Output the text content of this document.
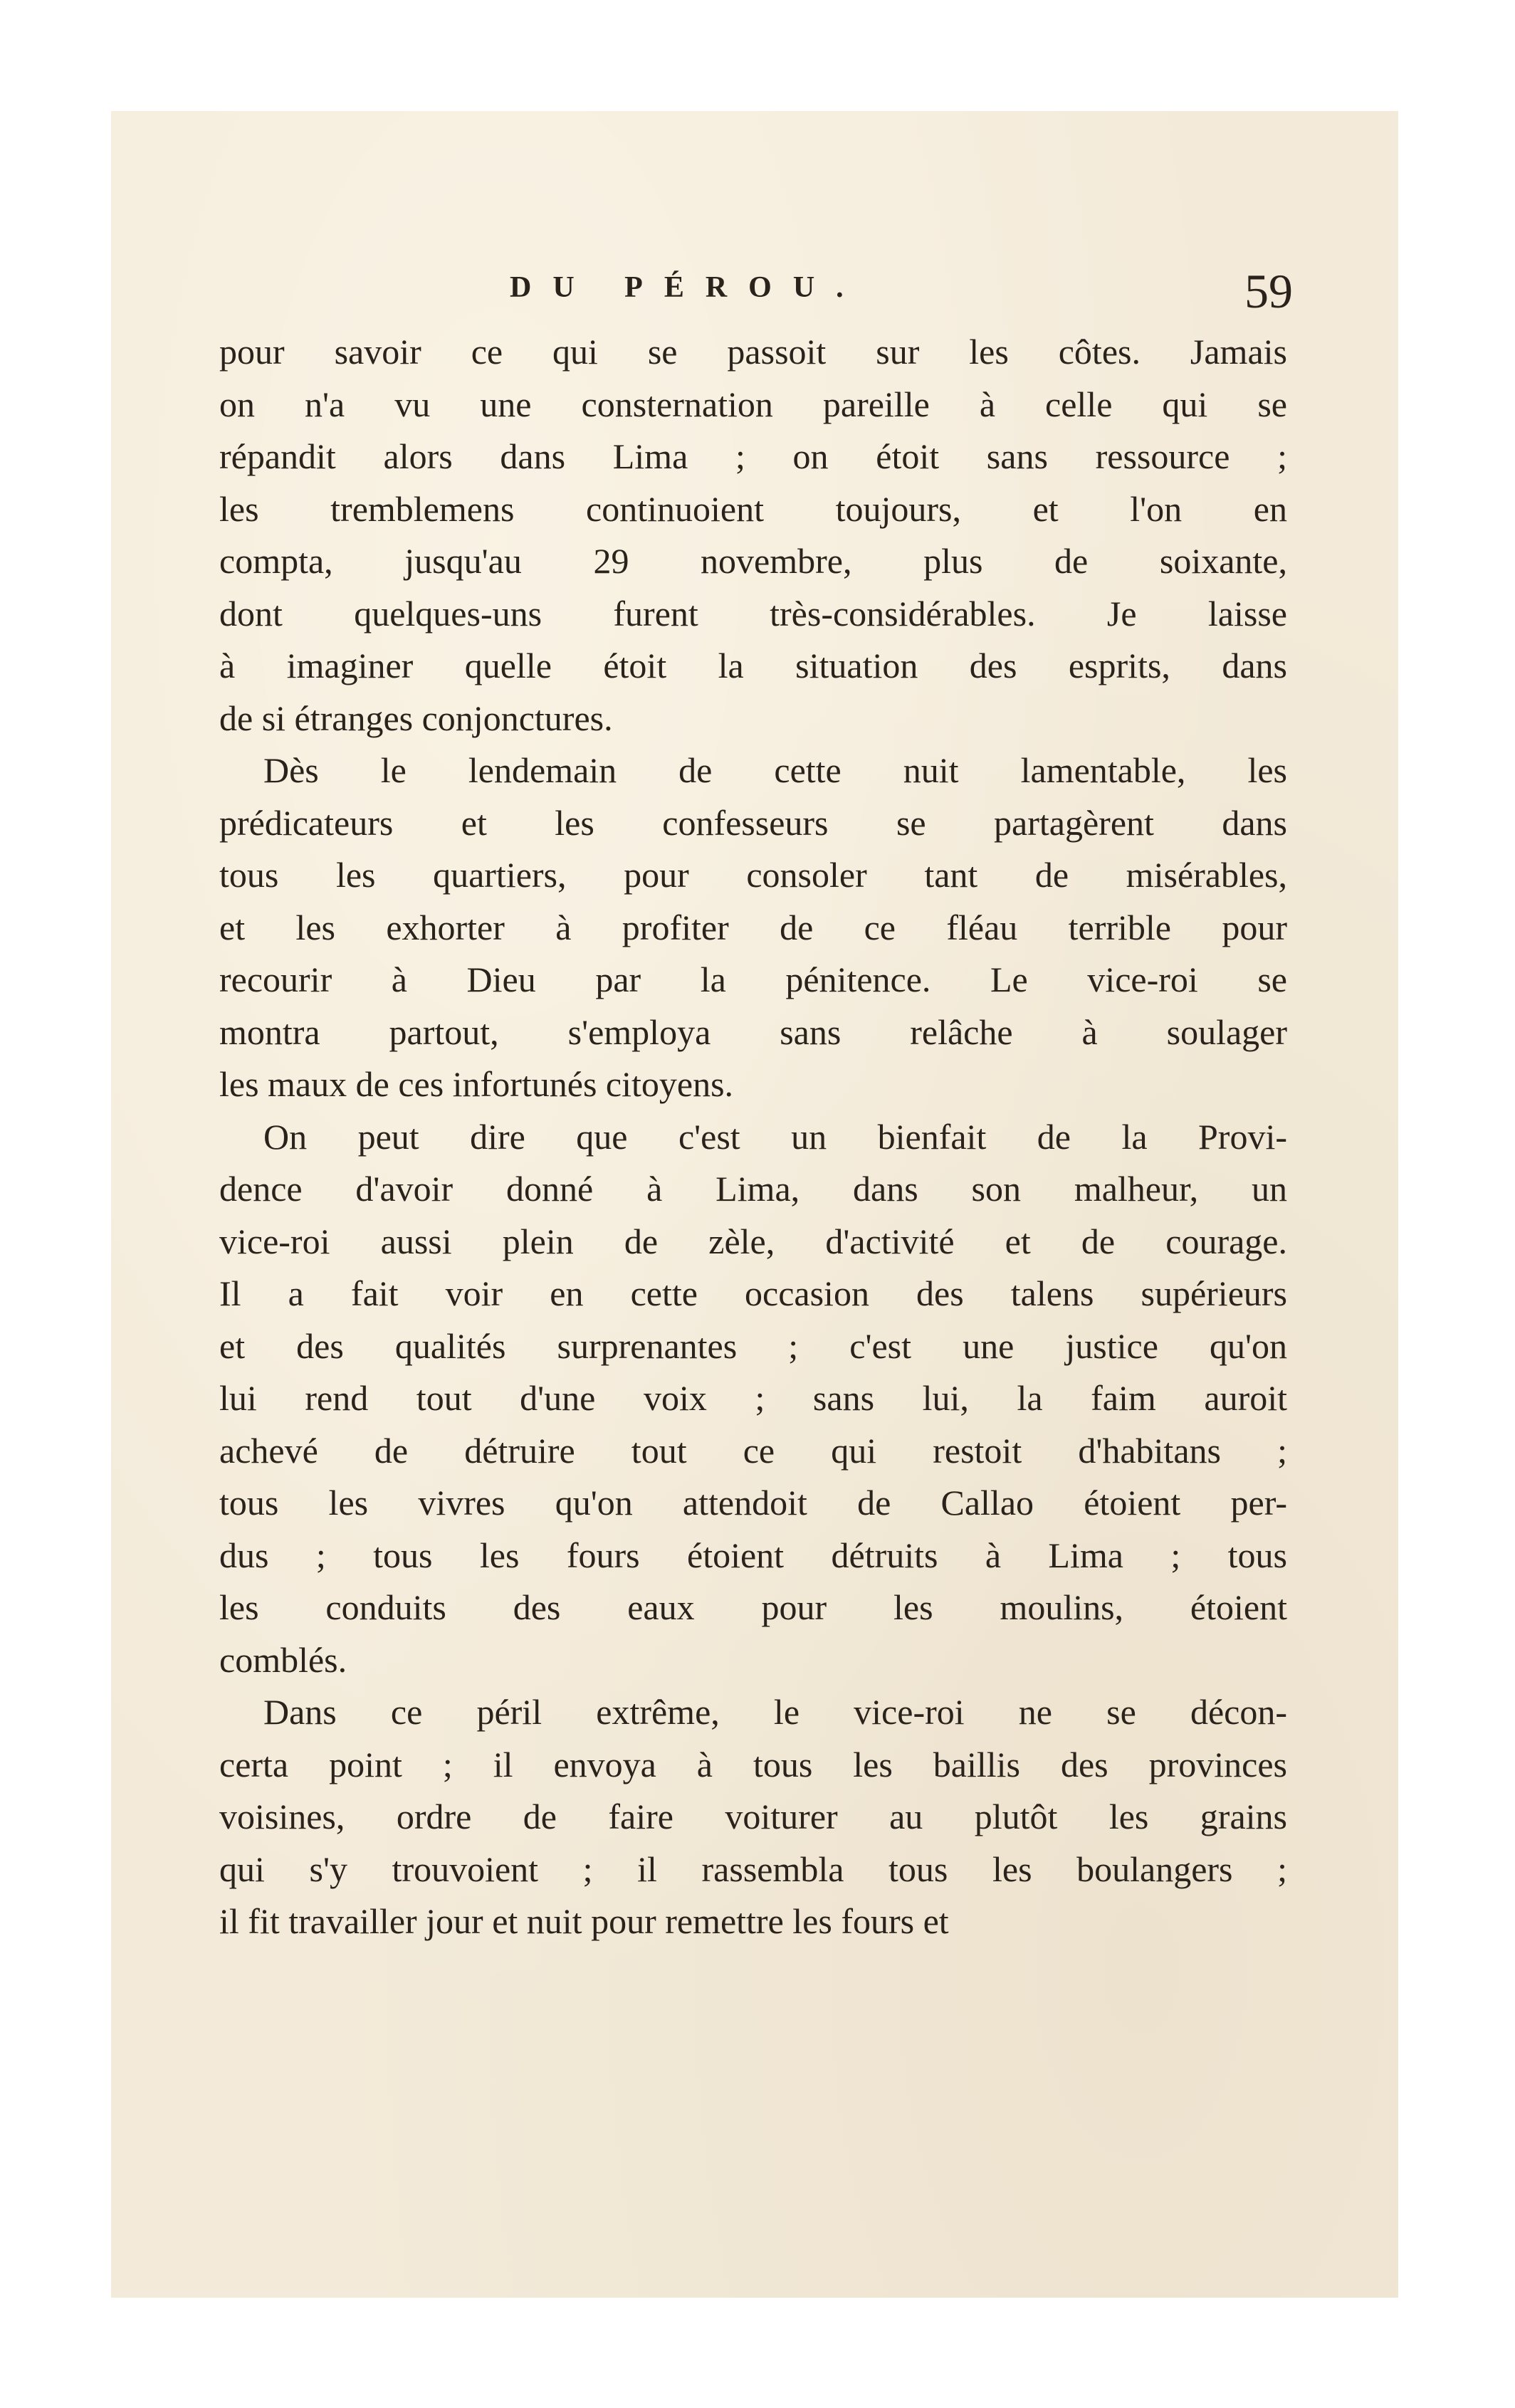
DU PÉROU.	59
pour savoir ce qui se passoit sur les côtes. Jamais
on n'a vu une consternation pareille à celle qui se
répandit alors dans Lima ; on étoit sans ressource ;
les tremblemens continuoient toujours, et l'on en
compta, jusqu'au 29 novembre, plus de soixante,
dont quelques-uns furent très-considérables. Je laisse
à imaginer quelle étoit la situation des esprits, dans
de si étranges conjonctures.
Dès le lendemain de cette nuit lamentable, les
prédicateurs et les confesseurs se partagèrent dans
tous les quartiers, pour consoler tant de misérables,
et les exhorter à profiter de ce fléau terrible pour
recourir à Dieu par la pénitence. Le vice-roi se
montra partout, s'employa sans relâche à soulager
les maux de ces infortunés citoyens.
On peut dire que c'est un bienfait de la Provi-
dence d'avoir donné à Lima, dans son malheur, un
vice-roi aussi plein de zèle, d'activité et de courage.
Il a fait voir en cette occasion des talens supérieurs
et des qualités surprenantes ; c'est une justice qu'on
lui rend tout d'une voix ; sans lui, la faim auroit
achevé de détruire tout ce qui restoit d'habitans ;
tous les vivres qu'on attendoit de Callao étoient per-
dus ; tous les fours étoient détruits à Lima ; tous
les conduits des eaux pour les moulins, étoient
comblés.
Dans ce péril extrême, le vice-roi ne se décon-
certa point ; il envoya à tous les baillis des provinces
voisines, ordre de faire voiturer au plutôt les grains
qui s'y trouvoient ; il rassembla tous les boulangers ;
il fit travailler jour et nuit pour remettre les fours et
